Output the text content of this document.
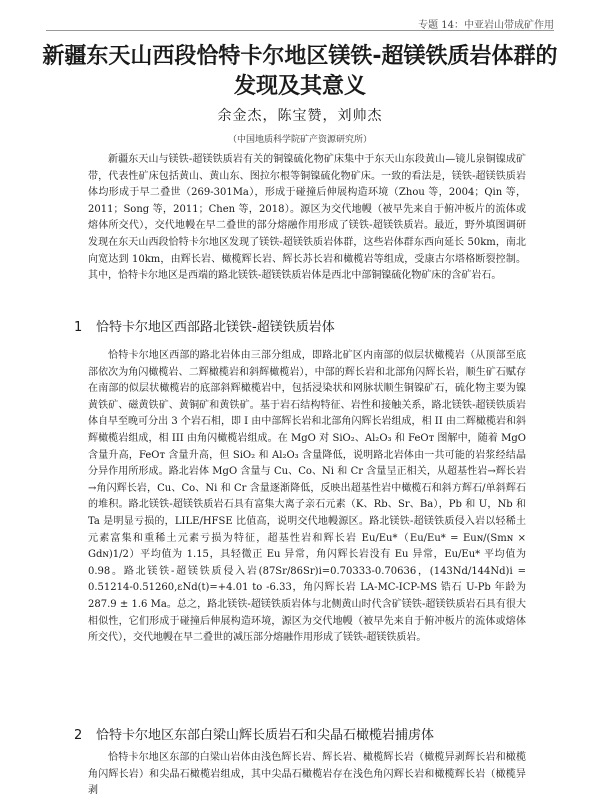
专题 14：中亚岩山带成矿作用
新疆东天山西段恰特卡尔地区镁铁-超镁铁质岩体群的发现及其意义
余金杰，陈宝赞，刘帅杰
（中国地质科学院矿产资源研究所）

新疆东天山与镁铁-超镁铁质岩有关的铜镍硫化物矿床集中于东天山东段黄山—镜儿泉铜镍成矿带，代表性矿床包括黄山、黄山东、图拉尔根等铜镍硫化物矿床。一致的看法是，镁铁-超镁铁质岩体均形成于早二叠世（269-301Ma），形成于碰撞后伸展构造环境（Zhou 等，2004；Qin 等，2011；Song 等，2011；Chen 等，2018）。源区为交代地幔（被早先来自于俯冲板片的流体或熔体所交代），交代地幔在早二叠世的部分熔融作用形成了镁铁-超镁铁质岩。最近，野外填图调研发现在东天山西段恰特卡尔地区发现了镁铁-超镁铁质岩体群，这些岩体群东西向延长 50km，南北向宽达到 10km，由辉长岩、橄榄辉长岩、辉长苏长岩和橄榄岩等组成，受康古尔塔格断裂控制。其中，恰特卡尔地区是西端的路北镁铁-超镁铁质岩体是西北中部铜镍硫化物矿床的含矿岩石。

1 恰特卡尔地区西部路北镁铁-超镁铁质岩体

恰特卡尔地区西部的路北岩体由三部分组成，即路北矿区内南部的似层状橄榄岩（从顶部至底部依次为角闪橄榄岩、二辉橄榄岩和斜辉橄榄岩），中部的辉长岩和北部角闪辉长岩，顺生矿石赋存在南部的似层状橄榄岩的底部斜辉橄榄岩中，包括浸染状和网脉状顺生铜镍矿石，硫化物主要为镍黄铁矿、磁黄铁矿、黄铜矿和黄铁矿。基于岩石结构特征、岩性和接触关系，路北镁铁-超镁铁质岩体自早至晚可分出 3 个岩石相，即 I 由中部辉长岩和北部角闪辉长岩组成，相 II 由二辉橄榄岩和斜辉橄榄岩组成，相 III 由角闪橄榄岩组成。在 MgO 对 SiO₂、Al₂O₃ 和 FeOᴛ 图解中，随着 MgO 含量升高，FeOᴛ 含量升高，但 SiO₂ 和 Al₂O₃ 含量降低，说明路北岩体由一共可能的岩浆经结晶分异作用所形成。路北岩体 MgO 含量与 Cu、Co、Ni 和 Cr 含量呈正相关，从超基性岩→辉长岩→角闪辉长岩，Cu、Co、Ni 和 Cr 含量逐渐降低，反映出超基性岩中橄榄石和斜方辉石/单斜辉石的堆积。路北镁铁-超镁铁质岩石具有富集大离子亲石元素（K、Rb、Sr、Ba），Pb 和 U，Nb 和 Ta 是明显亏损的，LILE/HFSE 比值高，说明交代地幔源区。路北镁铁-超镁铁质侵入岩以轻稀土元素富集和重稀土元素亏损为特征，超基性岩和辉长岩 Eu/Eu*（Eu/Eu* = Euɴ/(Smɴ × Gdɴ)1/2）平均值为 1.15，具轻微正 Eu 异常，角闪辉长岩没有 Eu 异常，Eu/Eu* 平均值为 0.98。路北镁铁-超镁铁质侵入岩(87Sr/86Sr)i=0.70333-0.70636，(143Nd/144Nd)i = 0.51214-0.51260,εNd(t)=+4.01 to -6.33，角闪辉长岩 LA-MC-ICP-MS 锆石 U-Pb 年龄为 287.9 ± 1.6 Ma。总之，路北镁铁-超镁铁质岩体与北侧黄山时代含矿镁铁-超镁铁质岩石具有很大相似性，它们形成于碰撞后伸展构造环境，源区为交代地幔（被早先来自于俯冲板片的流体或熔体所交代），交代地幔在早二叠世的减压部分熔融作用形成了镁铁-超镁铁质岩。

2 恰特卡尔地区东部白梁山辉长质岩石和尖晶石橄榄岩捕虏体

恰特卡尔地区东部的白梁山岩体由浅色辉长岩、辉长岩、橄榄辉长岩（橄榄异剥辉长岩和橄榄角闪辉长岩）和尖晶石橄榄岩组成，其中尖晶石橄榄岩存在浅色角闪辉长岩和橄榄辉长岩（橄榄异剥
